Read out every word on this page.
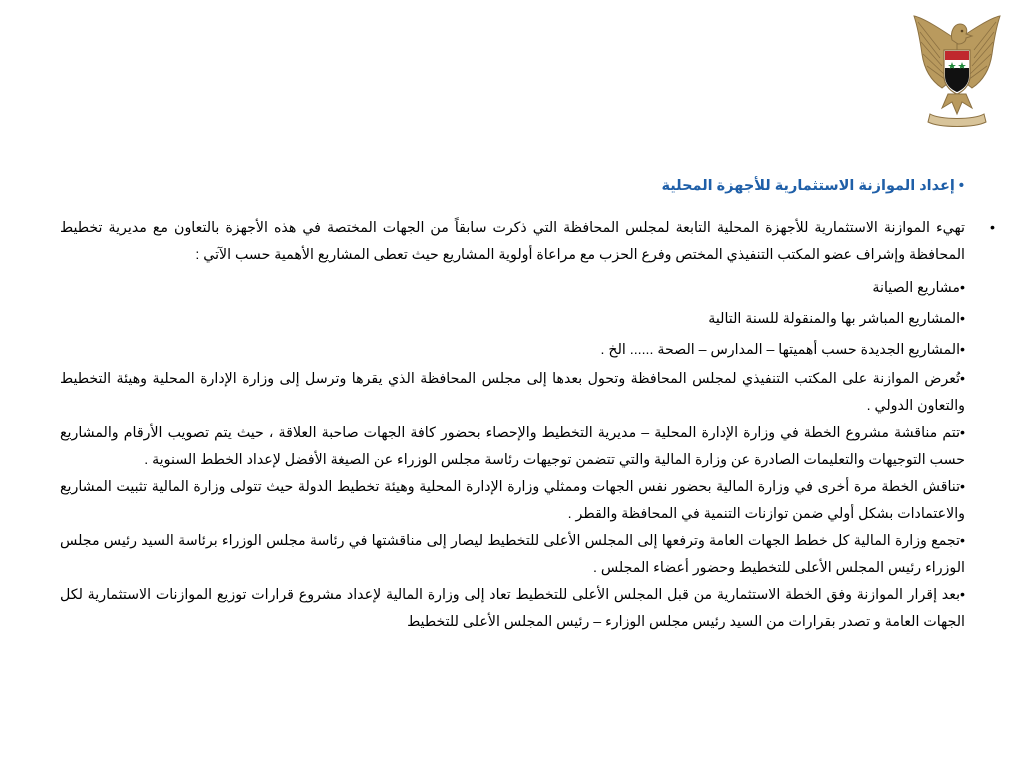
• إعداد الموازنة الاستثمارية للأجهزة المحلية

• تهيء الموازنة الاستثمارية للأجهزة المحلية التابعة لمجلس المحافظة التي ذكرت سابقاً من الجهات المختصة في هذه الأجهزة بالتعاون مع مديرية تخطيط المحافظة وإشراف عضو المكتب التنفيذي المختص وفرع الحزب مع مراعاة أولوية المشاريع حيث تعطى المشاريع الأهمية حسب الآتي :

•مشاريع الصيانة

•المشاريع المباشر بها والمنقولة للسنة التالية

•المشاريع الجديدة حسب أهميتها – المدارس – الصحة ...... الخ .

•تُعرض الموازنة على المكتب التنفيذي لمجلس المحافظة وتحول بعدها إلى مجلس المحافظة الذي يقرها وترسل إلى وزارة الإدارة المحلية وهيئة التخطيط والتعاون الدولي .

•تتم مناقشة مشروع الخطة في وزارة الإدارة المحلية – مديرية التخطيط والإحصاء بحضور كافة الجهات صاحبة العلاقة ، حيث يتم تصويب الأرقام والمشاريع حسب التوجيهات والتعليمات الصادرة عن وزارة المالية والتي تتضمن توجيهات رئاسة مجلس الوزراء عن الصيغة الأفضل لإعداد الخطط السنوية .

•تناقش الخطة مرة أخرى في وزارة المالية بحضور نفس الجهات وممثلي وزارة الإدارة المحلية وهيئة تخطيط الدولة حيث تتولى وزارة المالية تثبيت المشاريع والاعتمادات بشكل أولي ضمن توازنات التنمية في المحافظة والقطر .

•تجمع وزارة المالية كل خطط الجهات العامة وترفعها إلى المجلس الأعلى للتخطيط ليصار إلى مناقشتها في رئاسة مجلس الوزراء برئاسة السيد رئيس مجلس الوزراء رئيس المجلس الأعلى للتخطيط وحضور أعضاء المجلس .

•بعد إقرار الموازنة وفق الخطة الاستثمارية من قبل المجلس الأعلى للتخطيط تعاد إلى وزارة المالية لإعداد مشروع قرارات توزيع الموازنات الاستثمارية لكل الجهات العامة و تصدر بقرارات من السيد رئيس مجلس الوزارء – رئيس المجلس الأعلى للتخطيط
